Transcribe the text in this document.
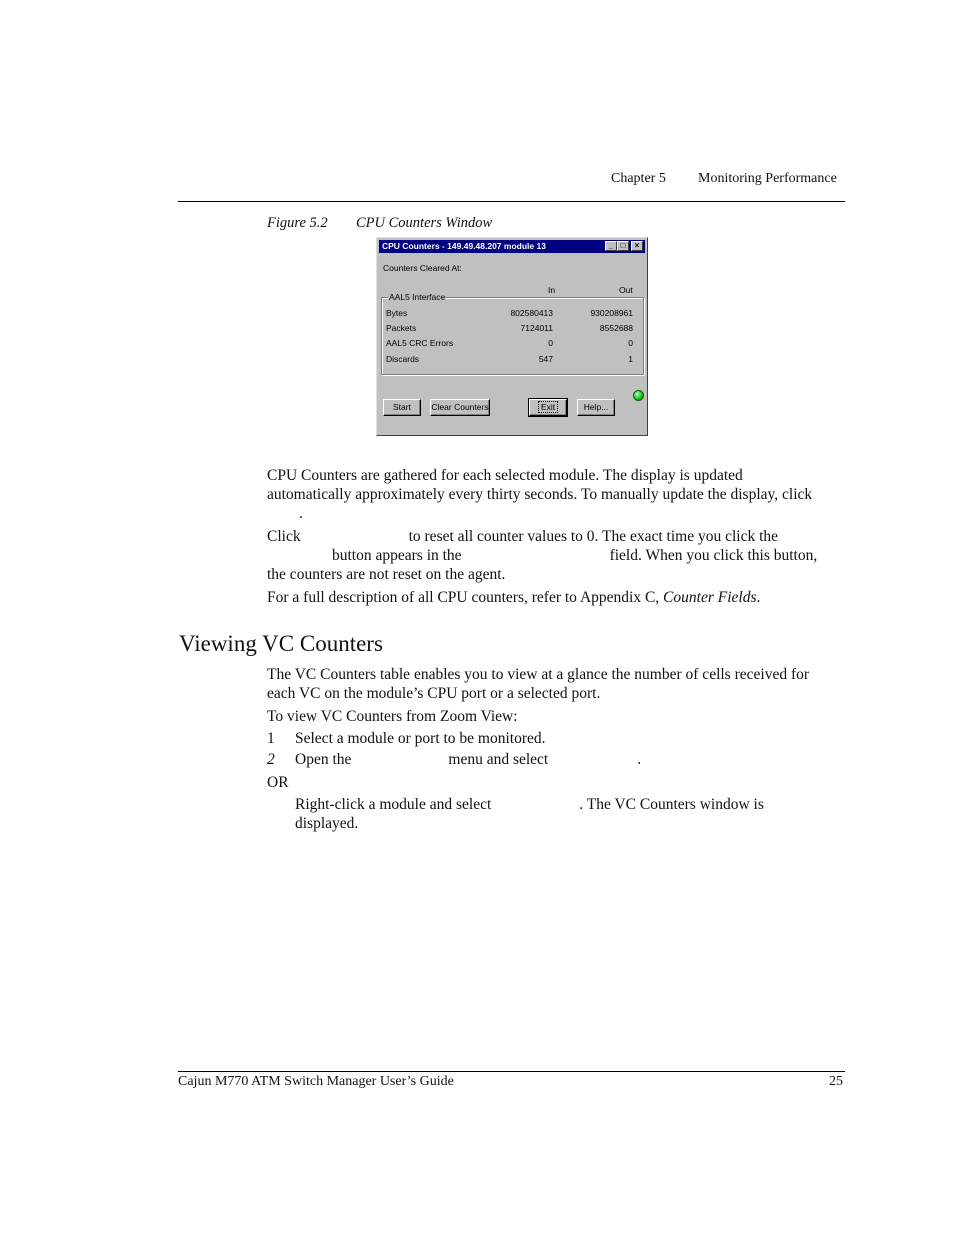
Chapter 5 Monitoring Performance
Figure 5.2 CPU Counters Window
CPU Counters - 149.49.48.207 module 13	_ □	×
Counters Cleared At:
In	Out
AAL5 Interface
Bytes	802580413	930208961
Packets	7124011	8552688
AAL5 CRC Errors	0	0
Discards	547	1
Start	Clear Counters	Exit	Help...

CPU Counters are gathered for each selected module. The display is updated

automatically approximately every thirty seconds. To manually update the display, click

.

Click	to reset all counter values to 0. The exact time you click the

button appears in the	field. When you click this button,

the counters are not reset on the agent.

For a full description of all CPU counters, refer to Appendix C, Counter Fields.

Viewing VC Counters

The VC Counters table enables you to view at a glance the number of cells received for

each VC on the module’s CPU port or a selected port.

To view VC Counters from Zoom View:

1 Select a module or port to be monitored.

2 Open the	menu and select	.

OR

Right-click a module and select	. The VC Counters window is

displayed.

Cajun M770 ATM Switch Manager User’s Guide	25
